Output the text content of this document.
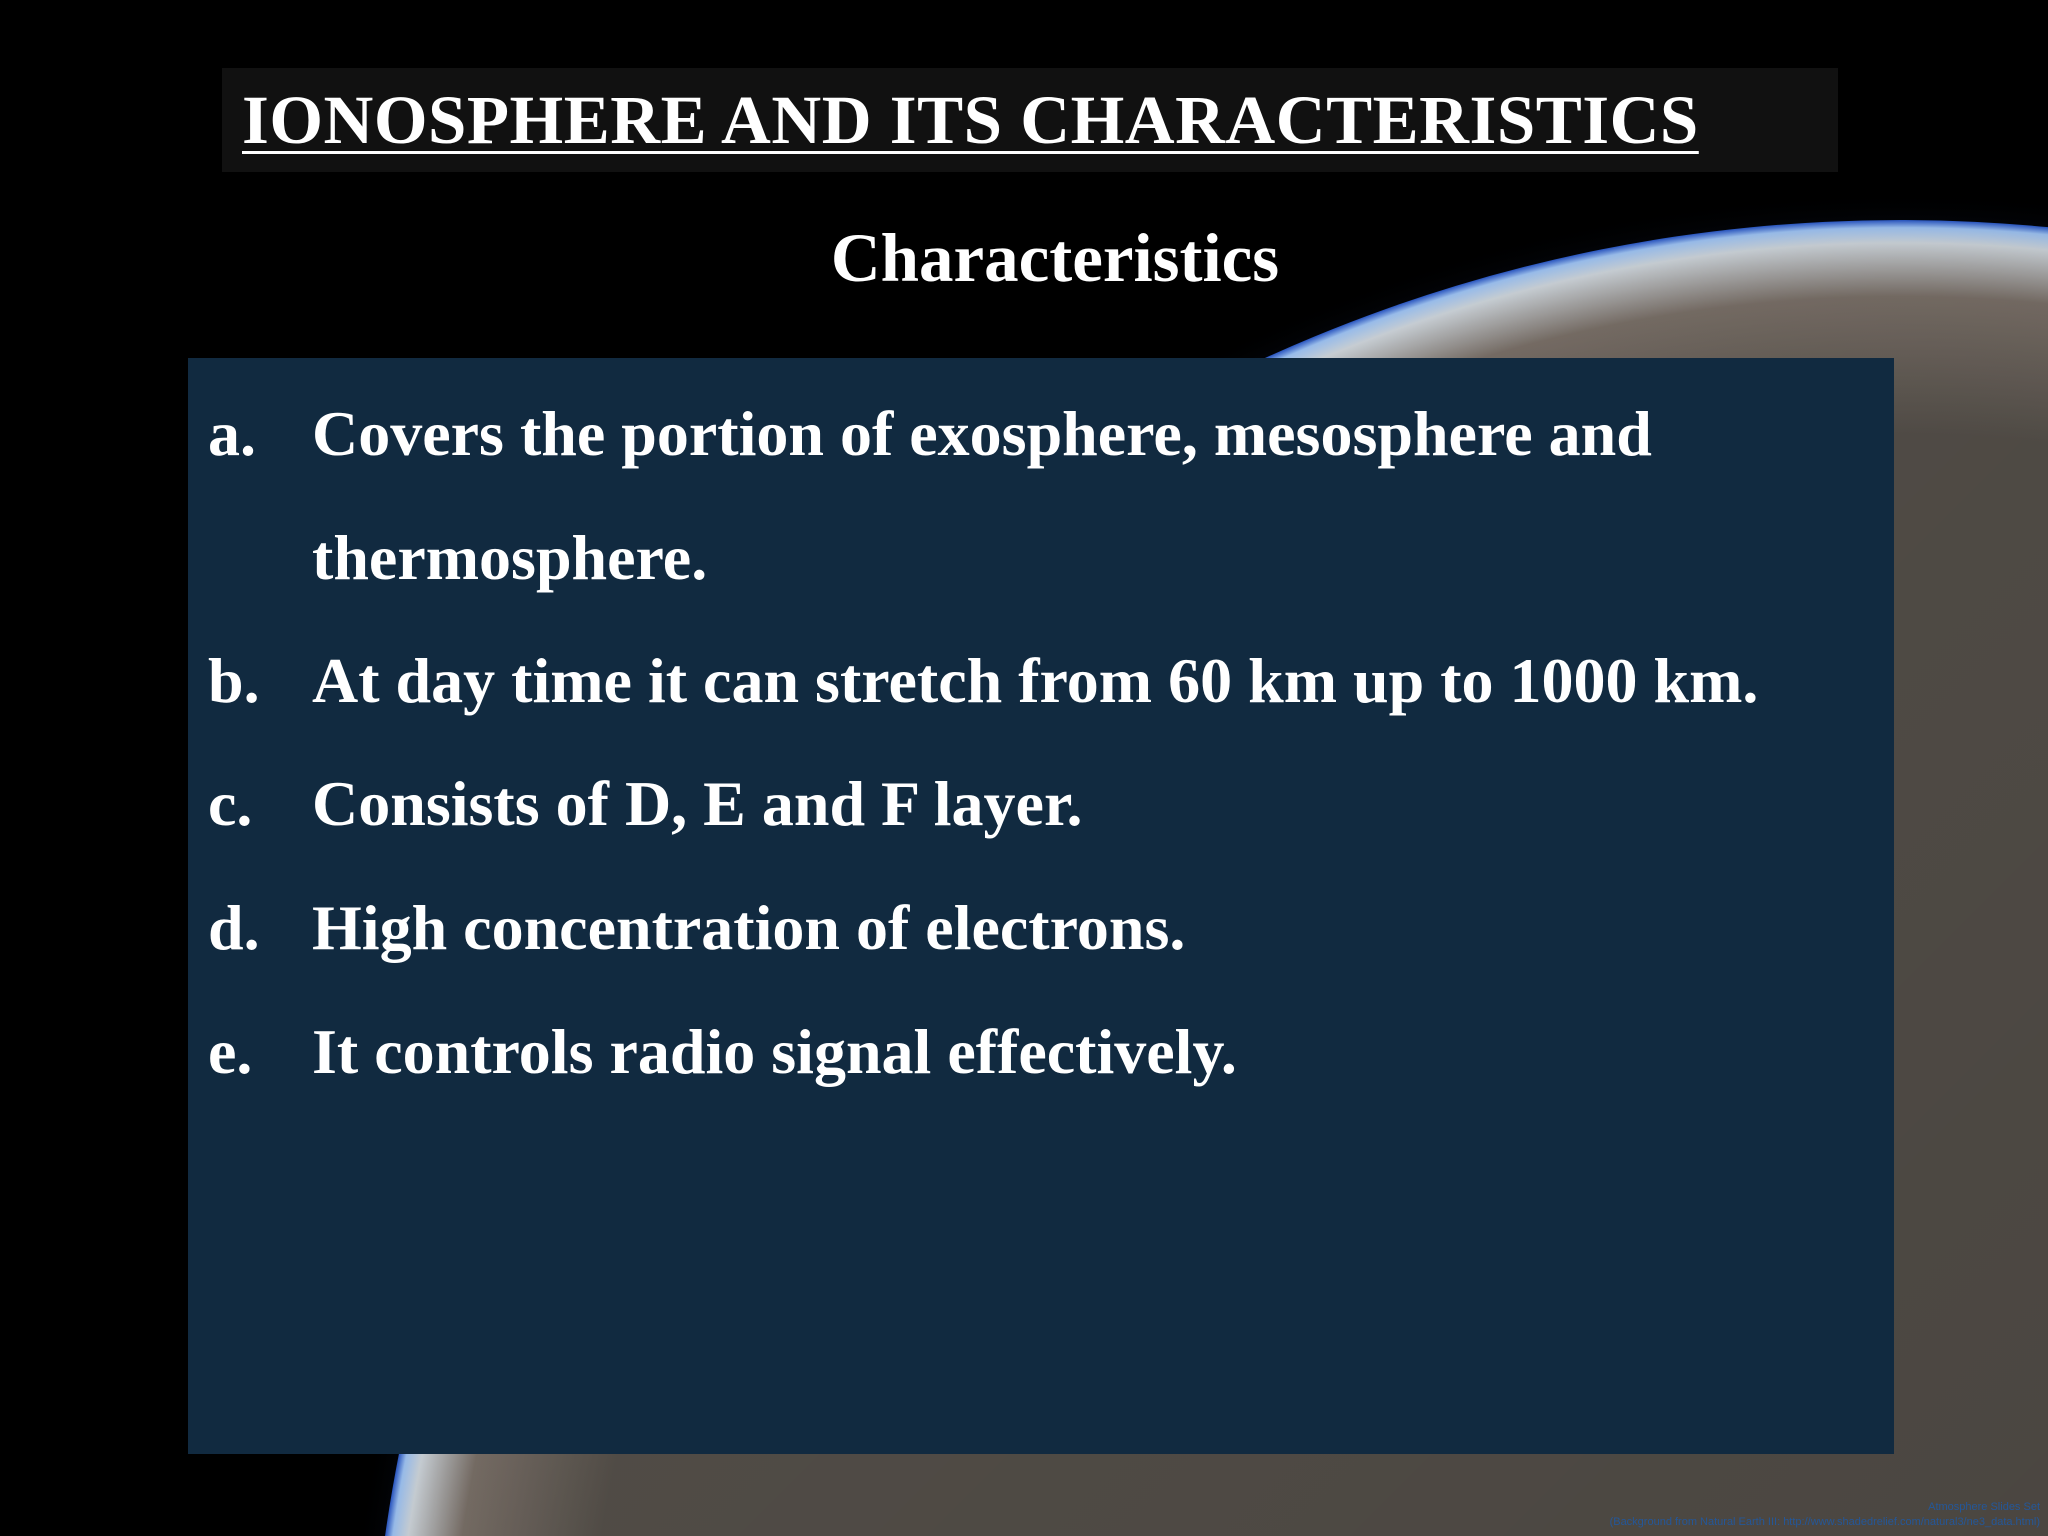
IONOSPHERE AND ITS CHARACTERISTICS
Characteristics
a. Covers the portion of exosphere, mesosphere and
thermosphere.
b. At day time it can stretch from 60 km up to 1000 km.
c. Consists of D, E and F layer.
d. High concentration of electrons.
e. It controls radio signal effectively.
Atmosphere Slides Set
(Background from Natural Earth III: http://www.shadedrelief.com/natural3/ne3_data.html)
